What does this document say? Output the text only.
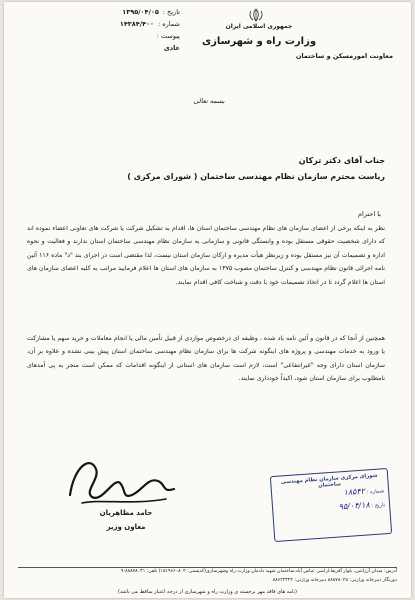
تاریخ :
۱۳۹۵/۰۴/۰۵
شماره :
۱۴۳۸۴/۴۰۰
پیوست :
عادی
جمهوری اسلامی ایران
وزارت راه و شهرسازی
معاونت امورمسکن و ساختمان
بسمه تعالی
جناب آقای دکتر ترکان
ریاست محترم سازمان نظام مهندسی ساختمان ( شورای مرکزی )
با احترام
نظر به اینکه برخی از اعضای سازمان های نظام مهندسی ساختمان استان ها، اقدام به تشکیل شرکت یا شرکت های تعاونی اعضاء نموده اند که دارای شخصیت حقوقی مستقل بوده و وابستگی قانونی و سازمانی به سازمان نظام مهندسی ساختمان استان ندارند و فعالیت و نحوه اداره و تصمیمات آن نیز مستقل بوده و زیرنظر هیأت مدیره و ارکان سازمان استان نیست، لذا مقتضی است در اجرای بند "د" ماده ۱۱۶ آئین نامه اجرائی قانون نظام مهندسی و کنترل ساختمان مصوب ۱۳۷۵ به سازمان های استان ها اعلام فرمایید مراتب به کلیه اعضای سازمان های استان ها اعلام گردد تا در اتخاذ تصمیمات خود با دقت و شناخت کافی اقدام نمایند.
همچنین از آنجا که در قانون و آئین نامه یاد شده ، وظیفه ای درخصوص مواردی از قبیل تأمین مالی یا انجام معاملات و خرید سهم یا مشارکت یا ورود به خدمات مهندسی و پروژه های اینگونه شرکت ها برای سازمان نظام مهندسی ساختمان استان پیش بینی نشده و علاوه بر آن، سازمان استان دارای وجه "غیرانتفاعی" است، لازم است سازمان های استانی از اینگونه اقدامات که ممکن است منجر به پی آمدهای نامطلوب برای سازمان استان شود، اکیداً خودداری نمایند.
حامد مظاهریان
معاون وزیر
شورای مرکزی سازمان نظام مهندسی ساختمان
شماره : ۱۸۵۴۲
تاریخ : ۹۵/۰۴/۱۸
آدرس: میدان آرژانتین، بلوار آفریقا،اراضی عباس آباد،ساختمان شهید دادمان وزارت راه وشهرسازی(کدپستی: ۱۵۱۹۶۶۰۸۰۲) تلفن: ۸۸۸۷۸۰۳۱-۹
دورنگار دبیرخانه وزارتی: ۸۸۸۷۸۰۴۵ دبیرخانه وزارتی: ۸۸۶۴۳۳۲۳
(نامه های فاقد مهر برجسته ی وزارت راه و شهرسازی از درجه اعتبار ساقط می باشد)
